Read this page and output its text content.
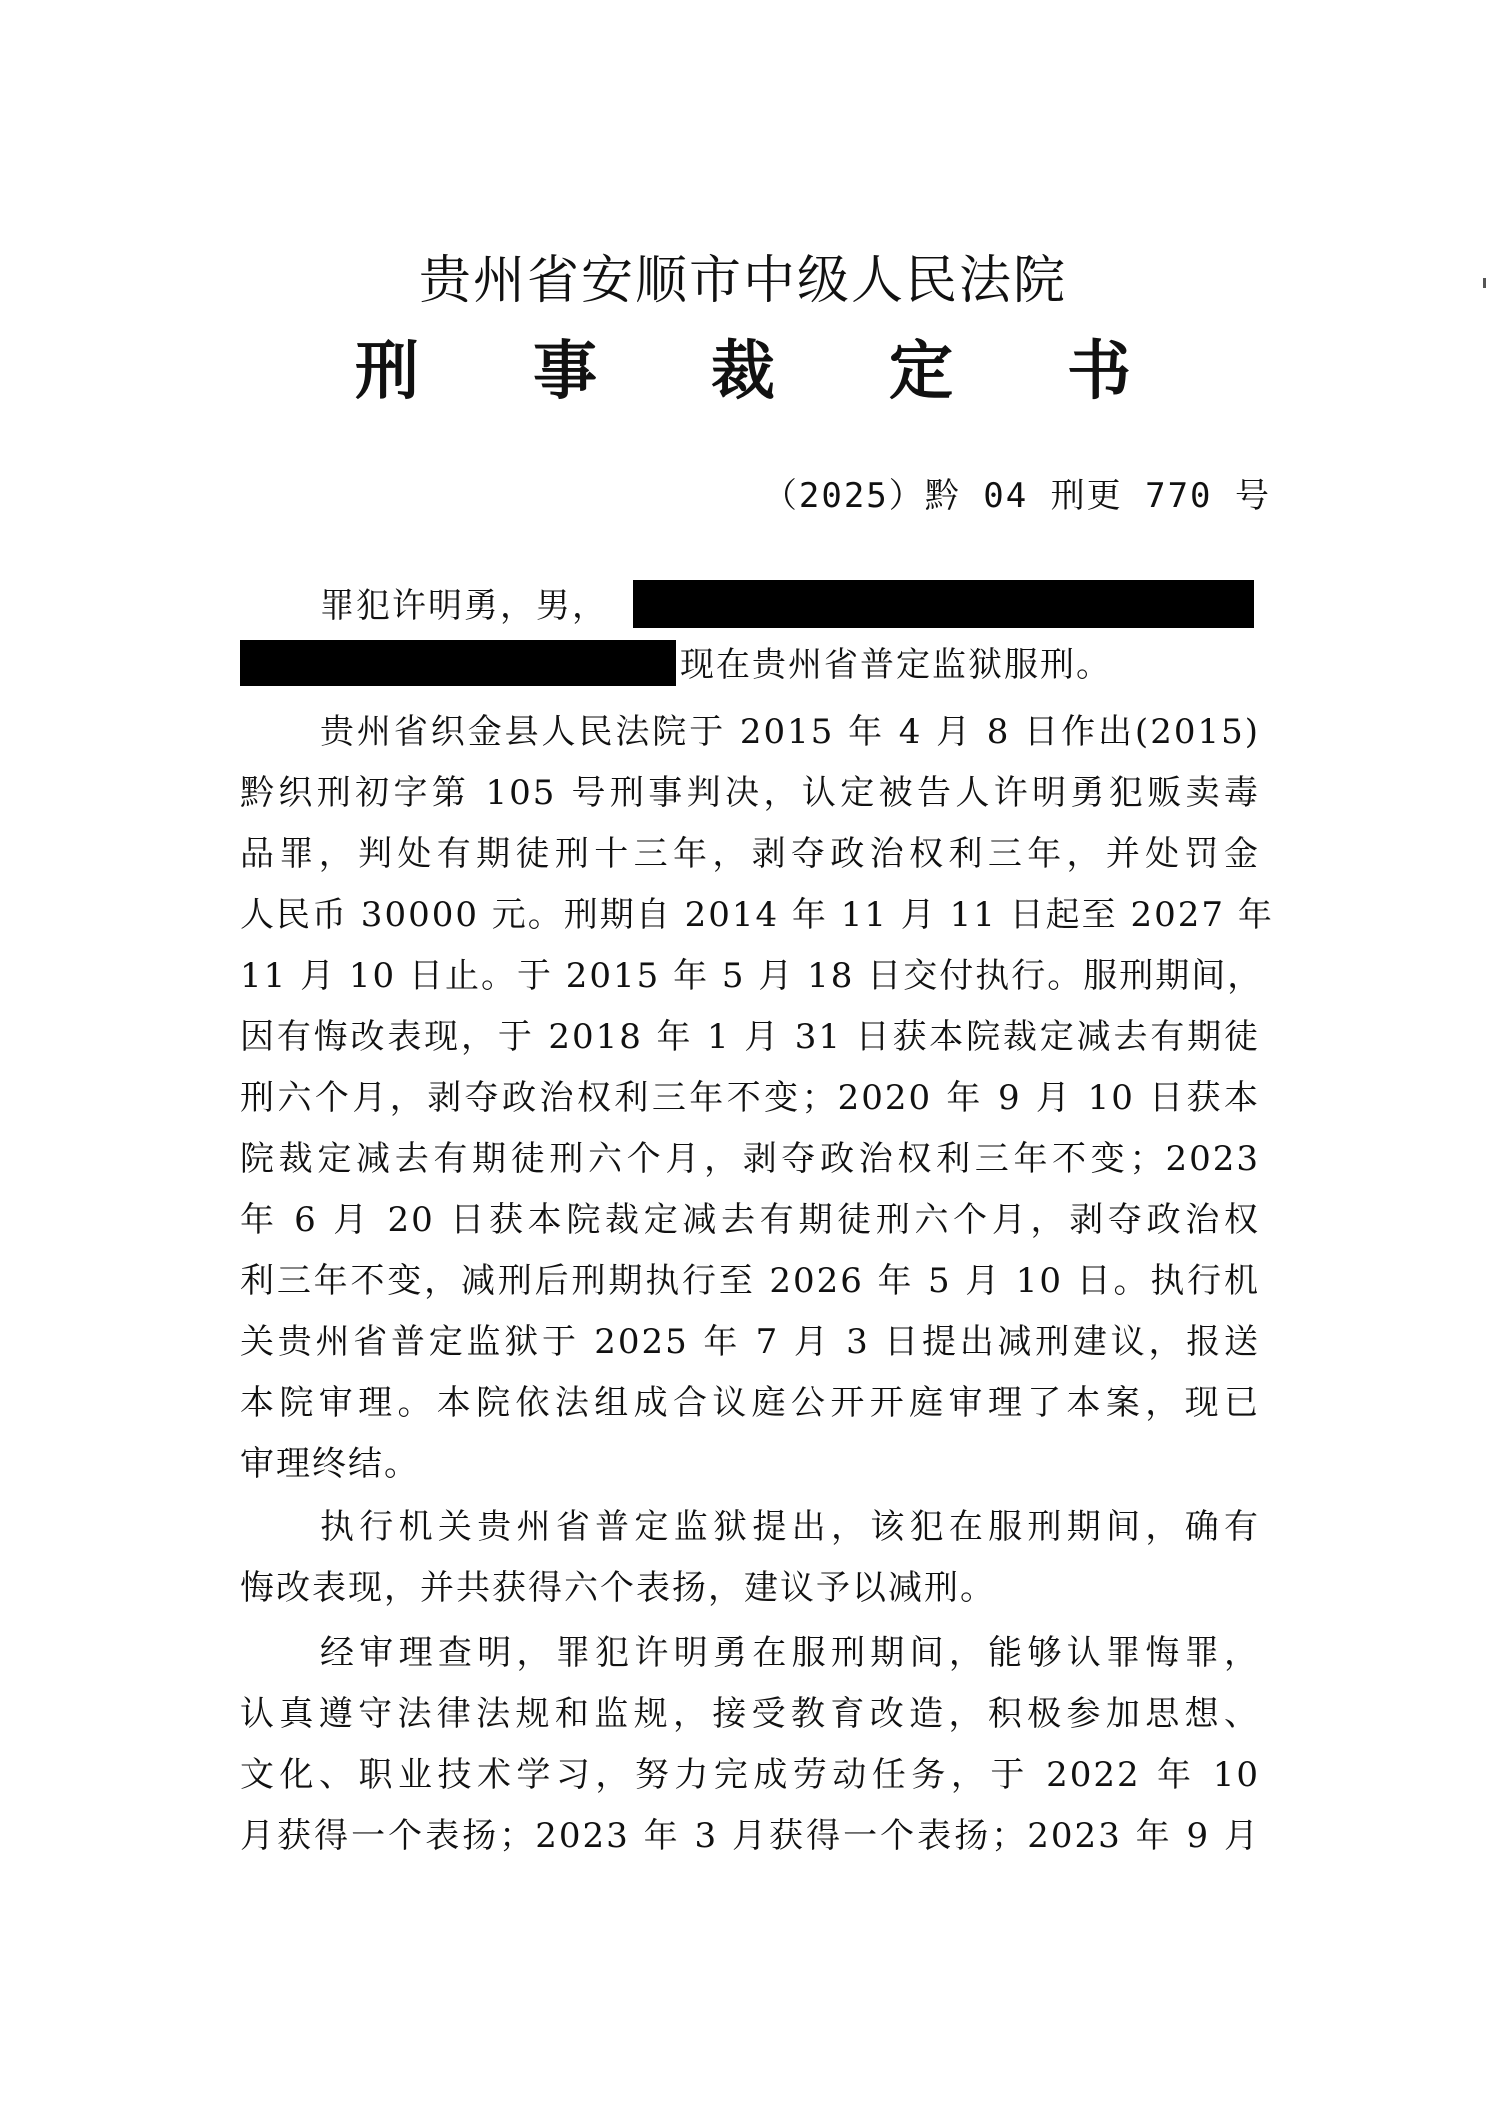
贵州省安顺市中级人民法院
刑 事 裁 定 书
（2025）黔 04 刑更 770 号
罪犯许明勇，男，
现在贵州省普定监狱服刑。
贵州省织金县人民法院于 2015 年 4 月 8 日作出(2015)
黔织刑初字第 105 号刑事判决，认定被告人许明勇犯贩卖毒
品罪，判处有期徒刑十三年，剥夺政治权利三年，并处罚金
人民币 30000 元。刑期自 2014 年 11 月 11 日起至 2027 年
11 月 10 日止。于 2015 年 5 月 18 日交付执行。服刑期间，
因有悔改表现，于 2018 年 1 月 31 日获本院裁定减去有期徒
刑六个月，剥夺政治权利三年不变；2020 年 9 月 10 日获本
院裁定减去有期徒刑六个月，剥夺政治权利三年不变；2023
年 6 月 20 日获本院裁定减去有期徒刑六个月，剥夺政治权
利三年不变，减刑后刑期执行至 2026 年 5 月 10 日。执行机
关贵州省普定监狱于 2025 年 7 月 3 日提出减刑建议，报送
本院审理。本院依法组成合议庭公开开庭审理了本案，现已
审理终结。
执行机关贵州省普定监狱提出，该犯在服刑期间，确有
悔改表现，并共获得六个表扬，建议予以减刑。
经审理查明，罪犯许明勇在服刑期间，能够认罪悔罪，
认真遵守法律法规和监规，接受教育改造，积极参加思想、
文化、职业技术学习，努力完成劳动任务，于 2022 年 10
月获得一个表扬；2023 年 3 月获得一个表扬；2023 年 9 月
